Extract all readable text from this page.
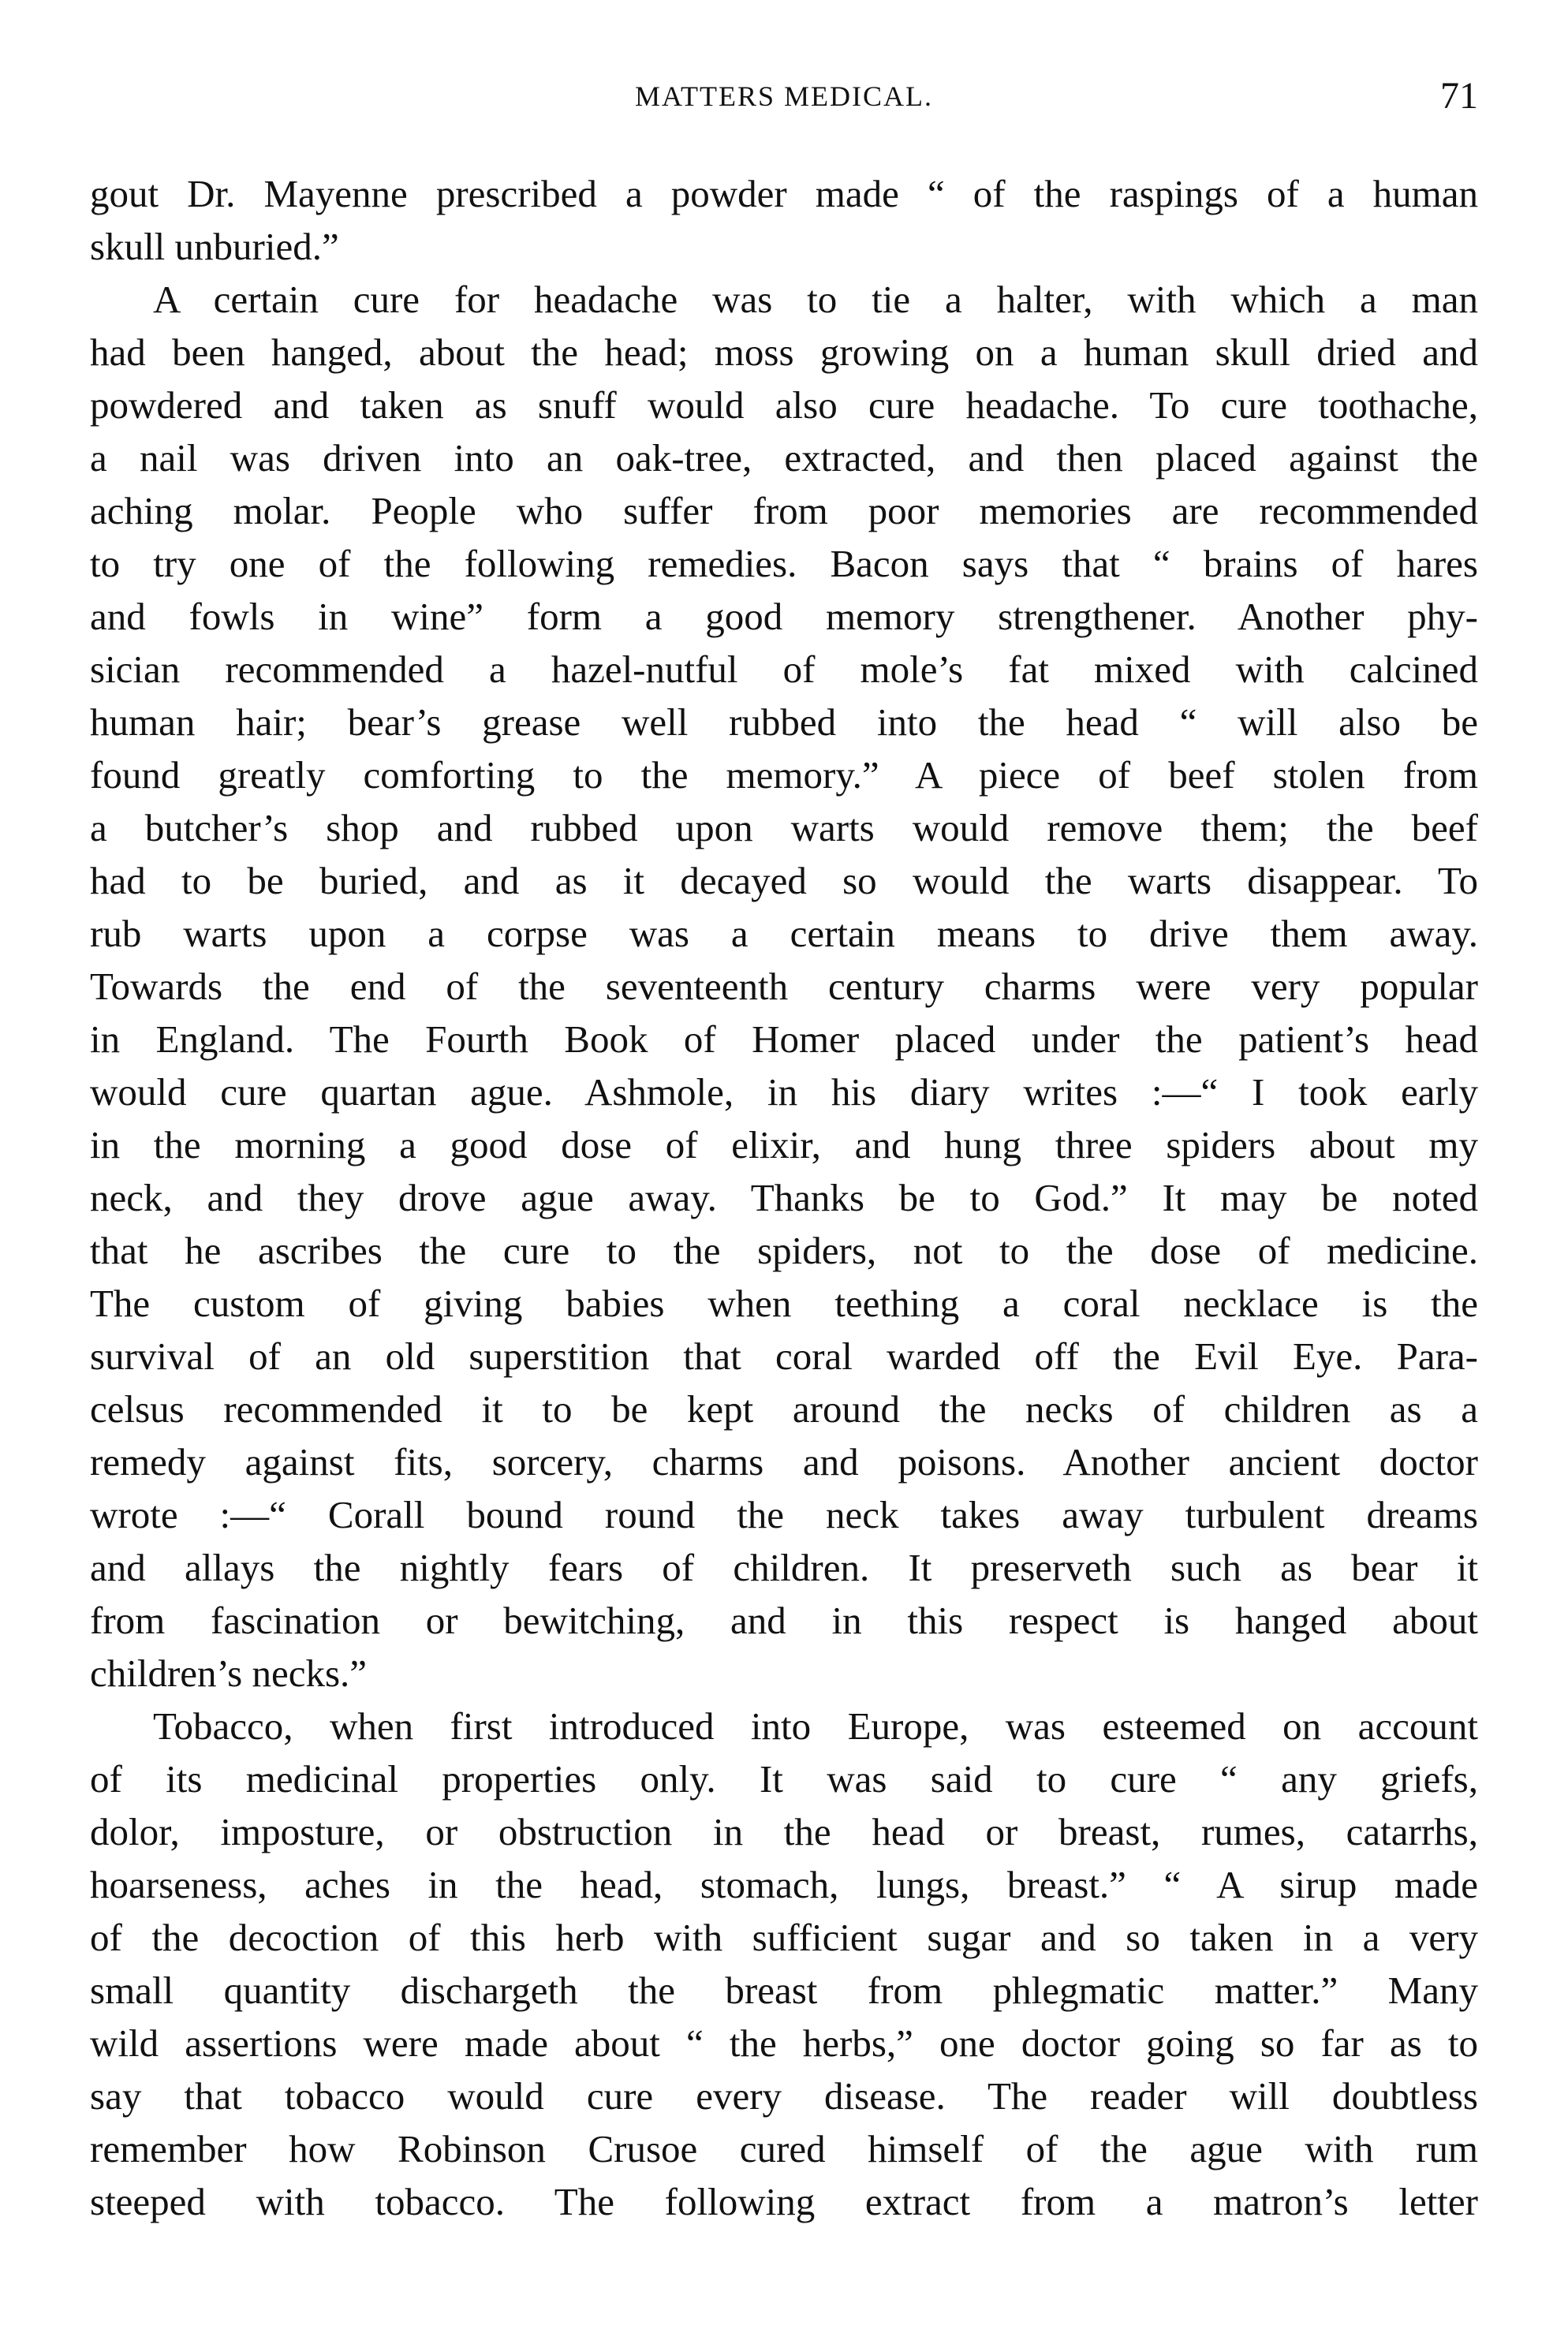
MATTERS MEDICAL.	71
gout Dr. Mayenne prescribed a powder made “ of the raspings of a human
skull unburied.”
A certain cure for headache was to tie a halter, with which a man
had been hanged, about the head; moss growing on a human skull dried and
powdered and taken as snuff would also cure headache. To cure toothache,
a nail was driven into an oak-tree, extracted, and then placed against the
aching molar. People who suffer from poor memories are recommended
to try one of the following remedies. Bacon says that “ brains of hares
and fowls in wine” form a good memory strengthener. Another phy-
sician recommended a hazel-nutful of mole’s fat mixed with calcined
human hair; bear’s grease well rubbed into the head “ will also be
found greatly comforting to the memory.” A piece of beef stolen from
a butcher’s shop and rubbed upon warts would remove them; the beef
had to be buried, and as it decayed so would the warts disappear. To
rub warts upon a corpse was a certain means to drive them away.
Towards the end of the seventeenth century charms were very popular
in England. The Fourth Book of Homer placed under the patient’s head
would cure quartan ague. Ashmole, in his diary writes :—“ I took early
in the morning a good dose of elixir, and hung three spiders about my
neck, and they drove ague away. Thanks be to God.” It may be noted
that he ascribes the cure to the spiders, not to the dose of medicine.
The custom of giving babies when teething a coral necklace is the
survival of an old superstition that coral warded off the Evil Eye. Para-
celsus recommended it to be kept around the necks of children as a
remedy against fits, sorcery, charms and poisons. Another ancient doctor
wrote :—“ Corall bound round the neck takes away turbulent dreams
and allays the nightly fears of children. It preserveth such as bear it
from fascination or bewitching, and in this respect is hanged about
children’s necks.”
Tobacco, when first introduced into Europe, was esteemed on account
of its medicinal properties only. It was said to cure “ any griefs,
dolor, imposture, or obstruction in the head or breast, rumes, catarrhs,
hoarseness, aches in the head, stomach, lungs, breast.” “ A sirup made
of the decoction of this herb with sufficient sugar and so taken in a very
small quantity dischargeth the breast from phlegmatic matter.” Many
wild assertions were made about “ the herbs,” one doctor going so far as to
say that tobacco would cure every disease. The reader will doubtless
remember how Robinson Crusoe cured himself of the ague with rum
steeped with tobacco. The following extract from a matron’s letter
